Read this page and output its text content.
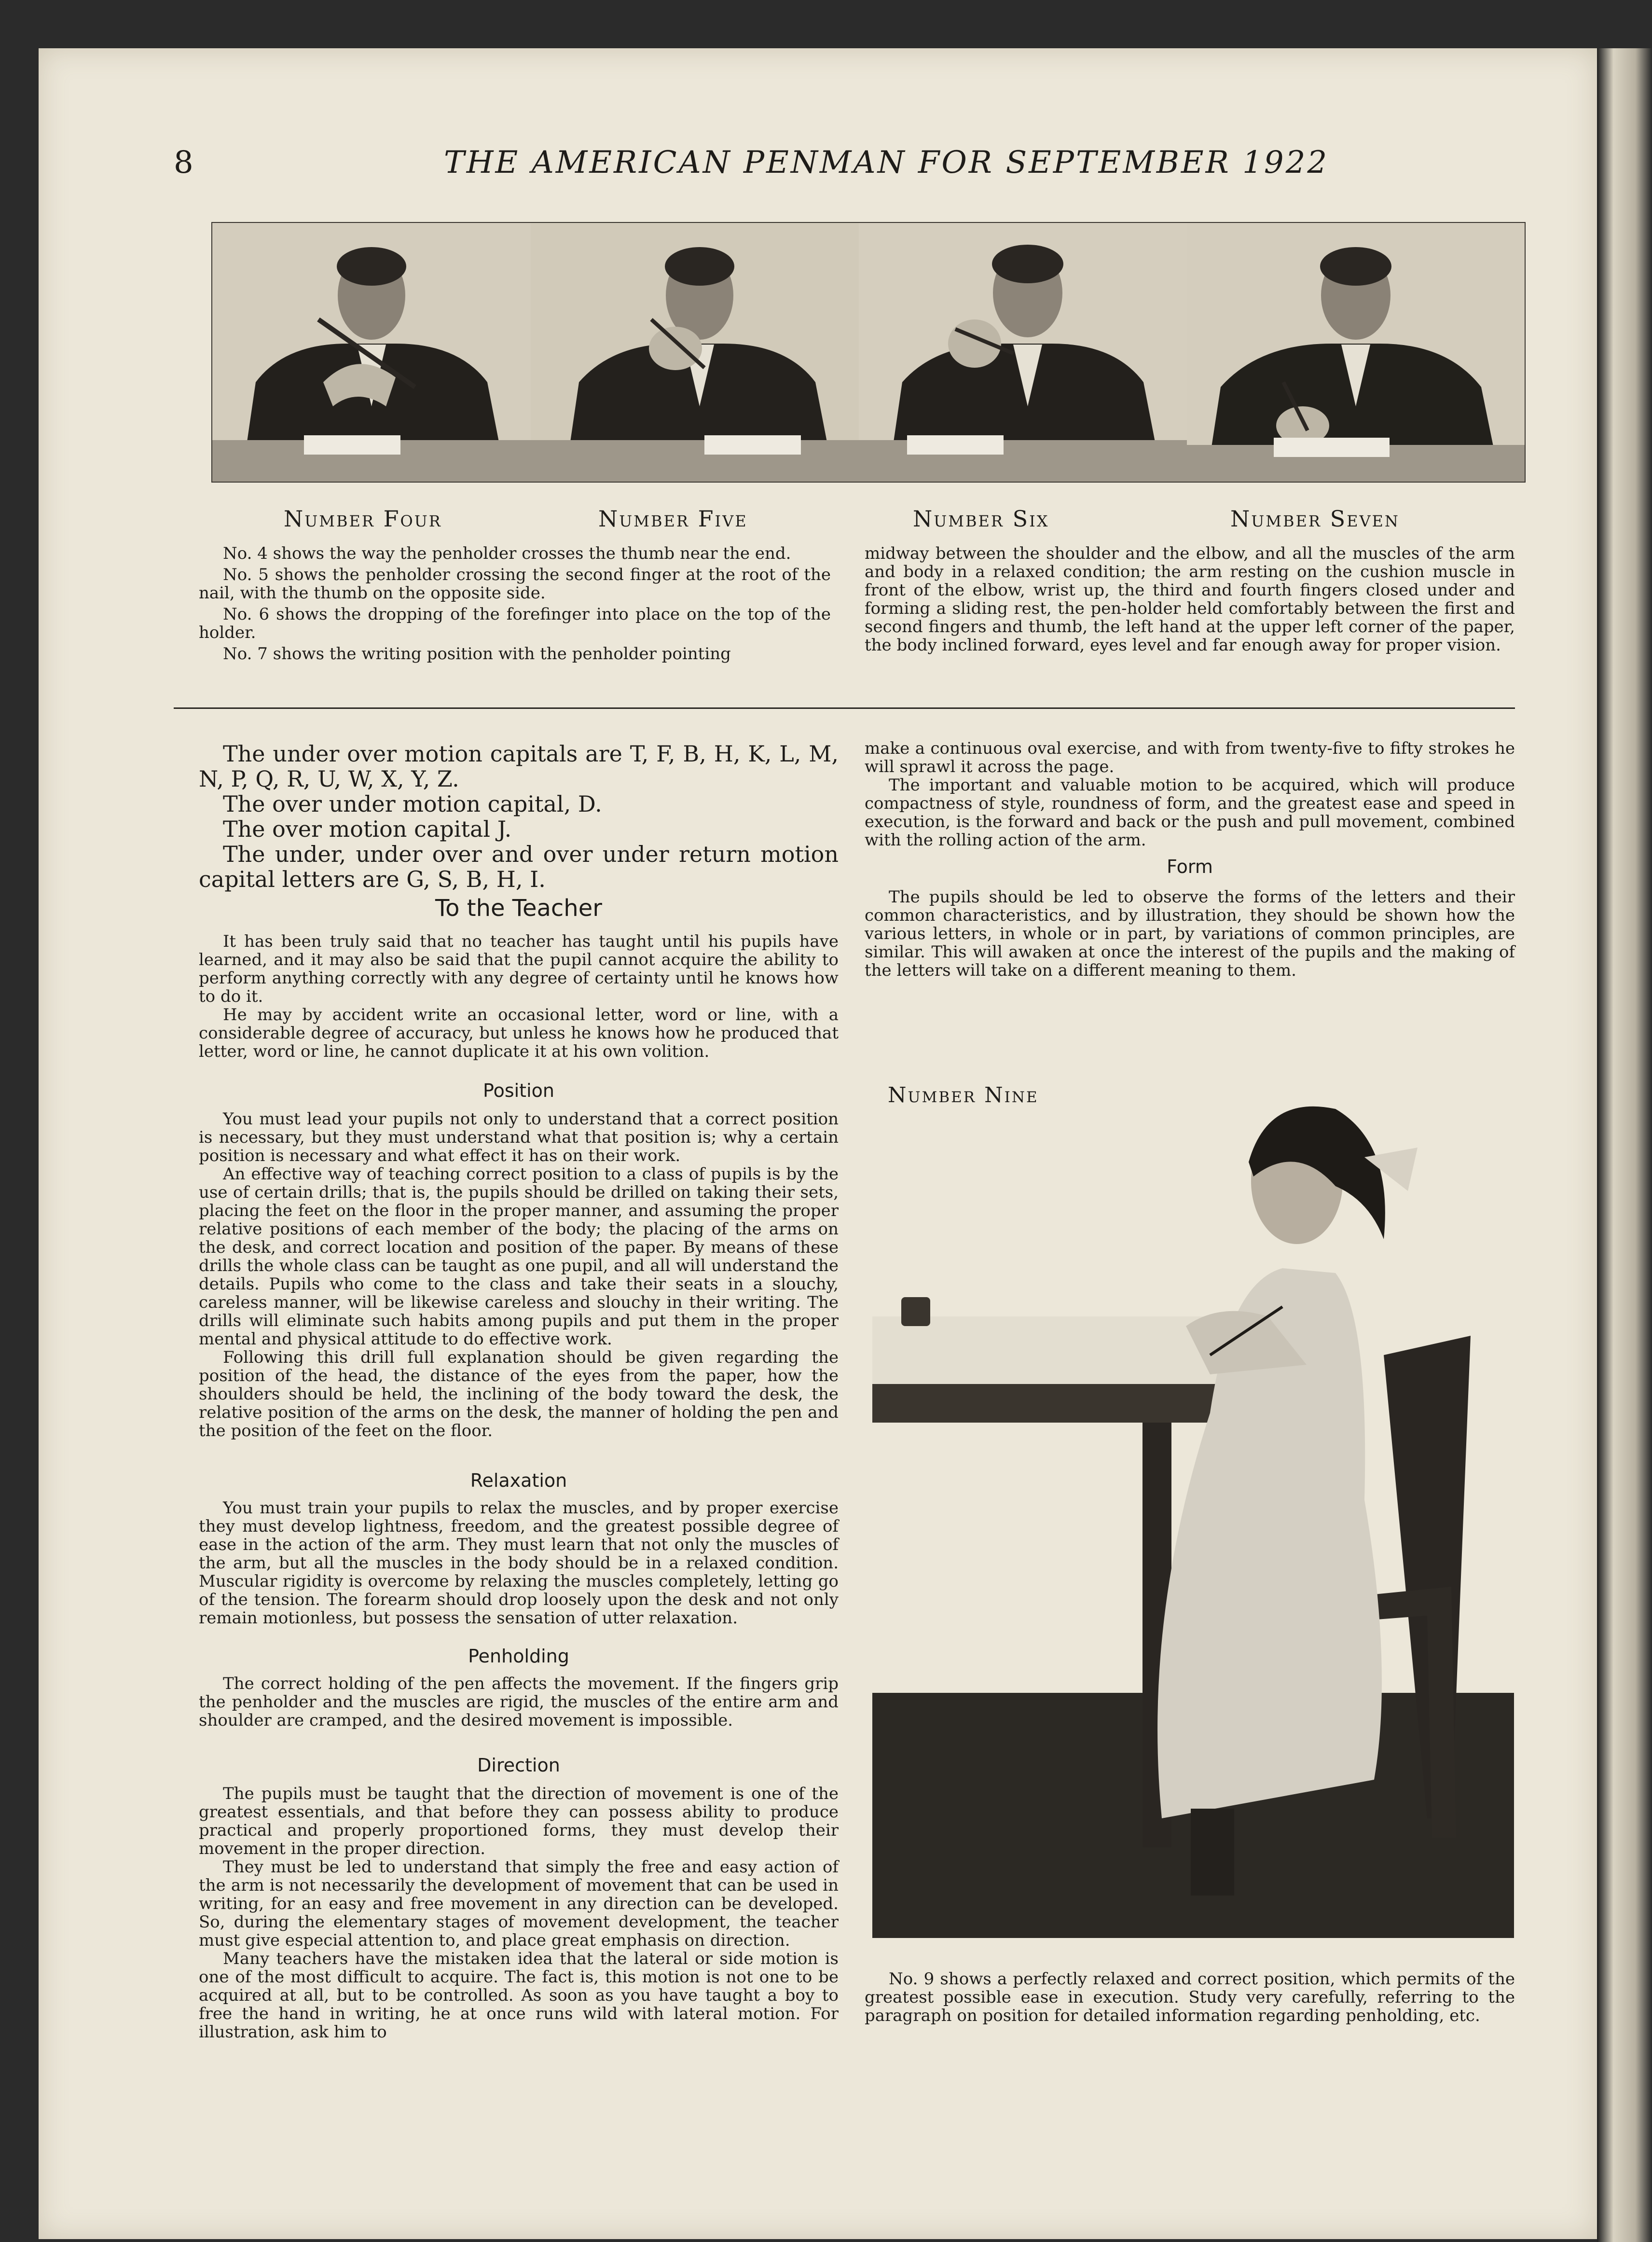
8	THE AMERICAN PENMAN FOR SEPTEMBER 1922
Number Four	Number Five	Number Six	Number Seven

No. 4 shows the way the penholder crosses the thumb near the end.

No. 5 shows the penholder crossing the second finger at the root of the nail, with the thumb on the opposite side.

No. 6 shows the dropping of the forefinger into place on the top of the holder.

No. 7 shows the writing position with the penholder pointing

midway between the shoulder and the elbow, and all the muscles of the arm and body in a relaxed condition; the arm resting on the cushion muscle in front of the elbow, wrist up, the third and fourth fingers closed under and forming a sliding rest, the pen-holder held comfortably between the first and second fingers and thumb, the left hand at the upper left corner of the paper, the body inclined forward, eyes level and far enough away for proper vision.

The under over motion capitals are T, F, B, H, K, L, M, N, P, Q, R, U, W, X, Y, Z.

The over under motion capital, D.

The over motion capital J.

The under, under over and over under return motion capital letters are G, S, B, H, I.

To the Teacher

It has been truly said that no teacher has taught until his pupils have learned, and it may also be said that the pupil cannot acquire the ability to perform anything correctly with any degree of certainty until he knows how to do it.

He may by accident write an occasional letter, word or line, with a considerable degree of accuracy, but unless he knows how he produced that letter, word or line, he cannot duplicate it at his own volition.

Position

You must lead your pupils not only to understand that a correct position is necessary, but they must understand what that position is; why a certain position is necessary and what effect it has on their work.

An effective way of teaching correct position to a class of pupils is by the use of certain drills; that is, the pupils should be drilled on taking their sets, placing the feet on the floor in the proper manner, and assuming the proper relative positions of each member of the body; the placing of the arms on the desk, and correct location and position of the paper. By means of these drills the whole class can be taught as one pupil, and all will understand the details. Pupils who come to the class and take their seats in a slouchy, careless manner, will be likewise careless and slouchy in their writing. The drills will eliminate such habits among pupils and put them in the proper mental and physical attitude to do effective work.

Following this drill full explanation should be given regarding the position of the head, the distance of the eyes from the paper, how the shoulders should be held, the inclining of the body toward the desk, the relative position of the arms on the desk, the manner of holding the pen and the position of the feet on the floor.

Relaxation

You must train your pupils to relax the muscles, and by proper exercise they must develop lightness, freedom, and the greatest possible degree of ease in the action of the arm. They must learn that not only the muscles of the arm, but all the muscles in the body should be in a relaxed condition. Muscular rigidity is overcome by relaxing the muscles completely, letting go of the tension. The forearm should drop loosely upon the desk and not only remain motionless, but possess the sensation of utter relaxation.

Penholding

The correct holding of the pen affects the movement. If the fingers grip the penholder and the muscles are rigid, the muscles of the entire arm and shoulder are cramped, and the desired movement is impossible.

Direction

The pupils must be taught that the direction of movement is one of the greatest essentials, and that before they can possess ability to produce practical and properly proportioned forms, they must develop their movement in the proper direction.

They must be led to understand that simply the free and easy action of the arm is not necessarily the development of movement that can be used in writing, for an easy and free movement in any direction can be developed. So, during the elementary stages of movement development, the teacher must give especial attention to, and place great emphasis on direction.

Many teachers have the mistaken idea that the lateral or side motion is one of the most difficult to acquire. The fact is, this motion is not one to be acquired at all, but to be controlled. As soon as you have taught a boy to free the hand in writing, he at once runs wild with lateral motion. For illustration, ask him to

make a continuous oval exercise, and with from twenty-five to fifty strokes he will sprawl it across the page.

The important and valuable motion to be acquired, which will produce compactness of style, roundness of form, and the greatest ease and speed in execution, is the forward and back or the push and pull movement, combined with the rolling action of the arm.

Form

The pupils should be led to observe the forms of the letters and their common characteristics, and by illustration, they should be shown how the various letters, in whole or in part, by variations of common principles, are similar. This will awaken at once the interest of the pupils and the making of the letters will take on a different meaning to them.

Number Nine

No. 9 shows a perfectly relaxed and correct position, which permits of the greatest possible ease in execution. Study very carefully, referring to the paragraph on position for detailed information regarding penholding, etc.
